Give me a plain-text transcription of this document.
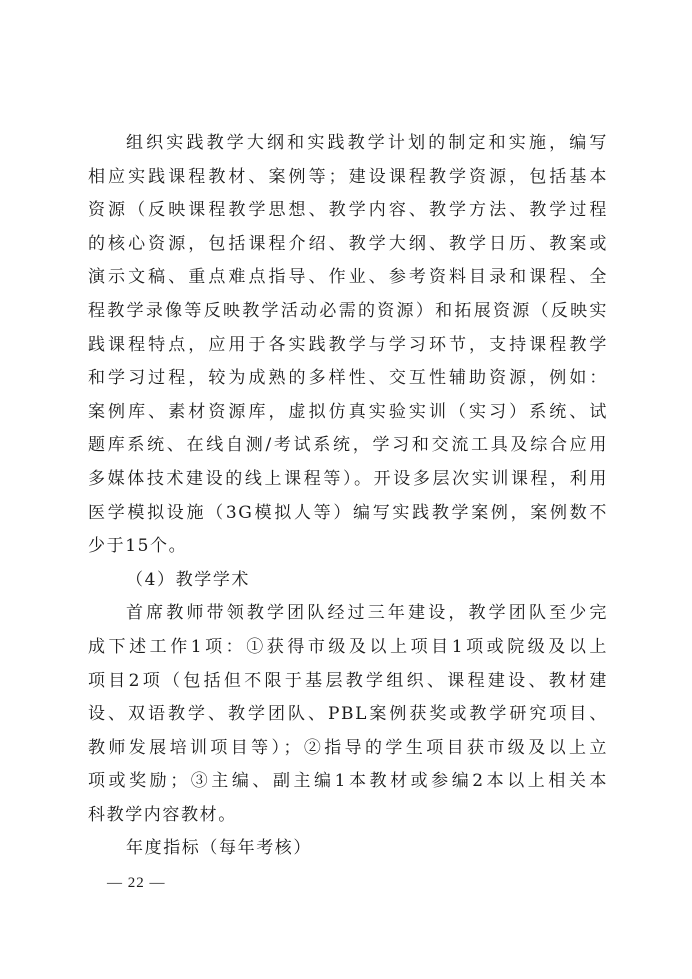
组织实践教学大纲和实践教学计划的制定和实施，编写
相应实践课程教材、案例等；建设课程教学资源，包括基本
资源（反映课程教学思想、教学内容、教学方法、教学过程
的核心资源，包括课程介绍、教学大纲、教学日历、教案或
演示文稿、重点难点指导、作业、参考资料目录和课程、全
程教学录像等反映教学活动必需的资源）和拓展资源（反映实
践课程特点，应用于各实践教学与学习环节，支持课程教学
和学习过程，较为成熟的多样性、交互性辅助资源，例如：
案例库、素材资源库，虚拟仿真实验实训（实习）系统、试
题库系统、在线自测/考试系统，学习和交流工具及综合应用
多媒体技术建设的线上课程等）。开设多层次实训课程，利用
医学模拟设施（3G模拟人等）编写实践教学案例，案例数不
少于15个。
（4）教学学术
首席教师带领教学团队经过三年建设，教学团队至少完
成下述工作1项：①获得市级及以上项目1项或院级及以上
项目2项（包括但不限于基层教学组织、课程建设、教材建
设、双语教学、教学团队、PBL案例获奖或教学研究项目、
教师发展培训项目等）；②指导的学生项目获市级及以上立
项或奖励；③主编、副主编1本教材或参编2本以上相关本
科教学内容教材。
年度指标（每年考核）
— 22 —
